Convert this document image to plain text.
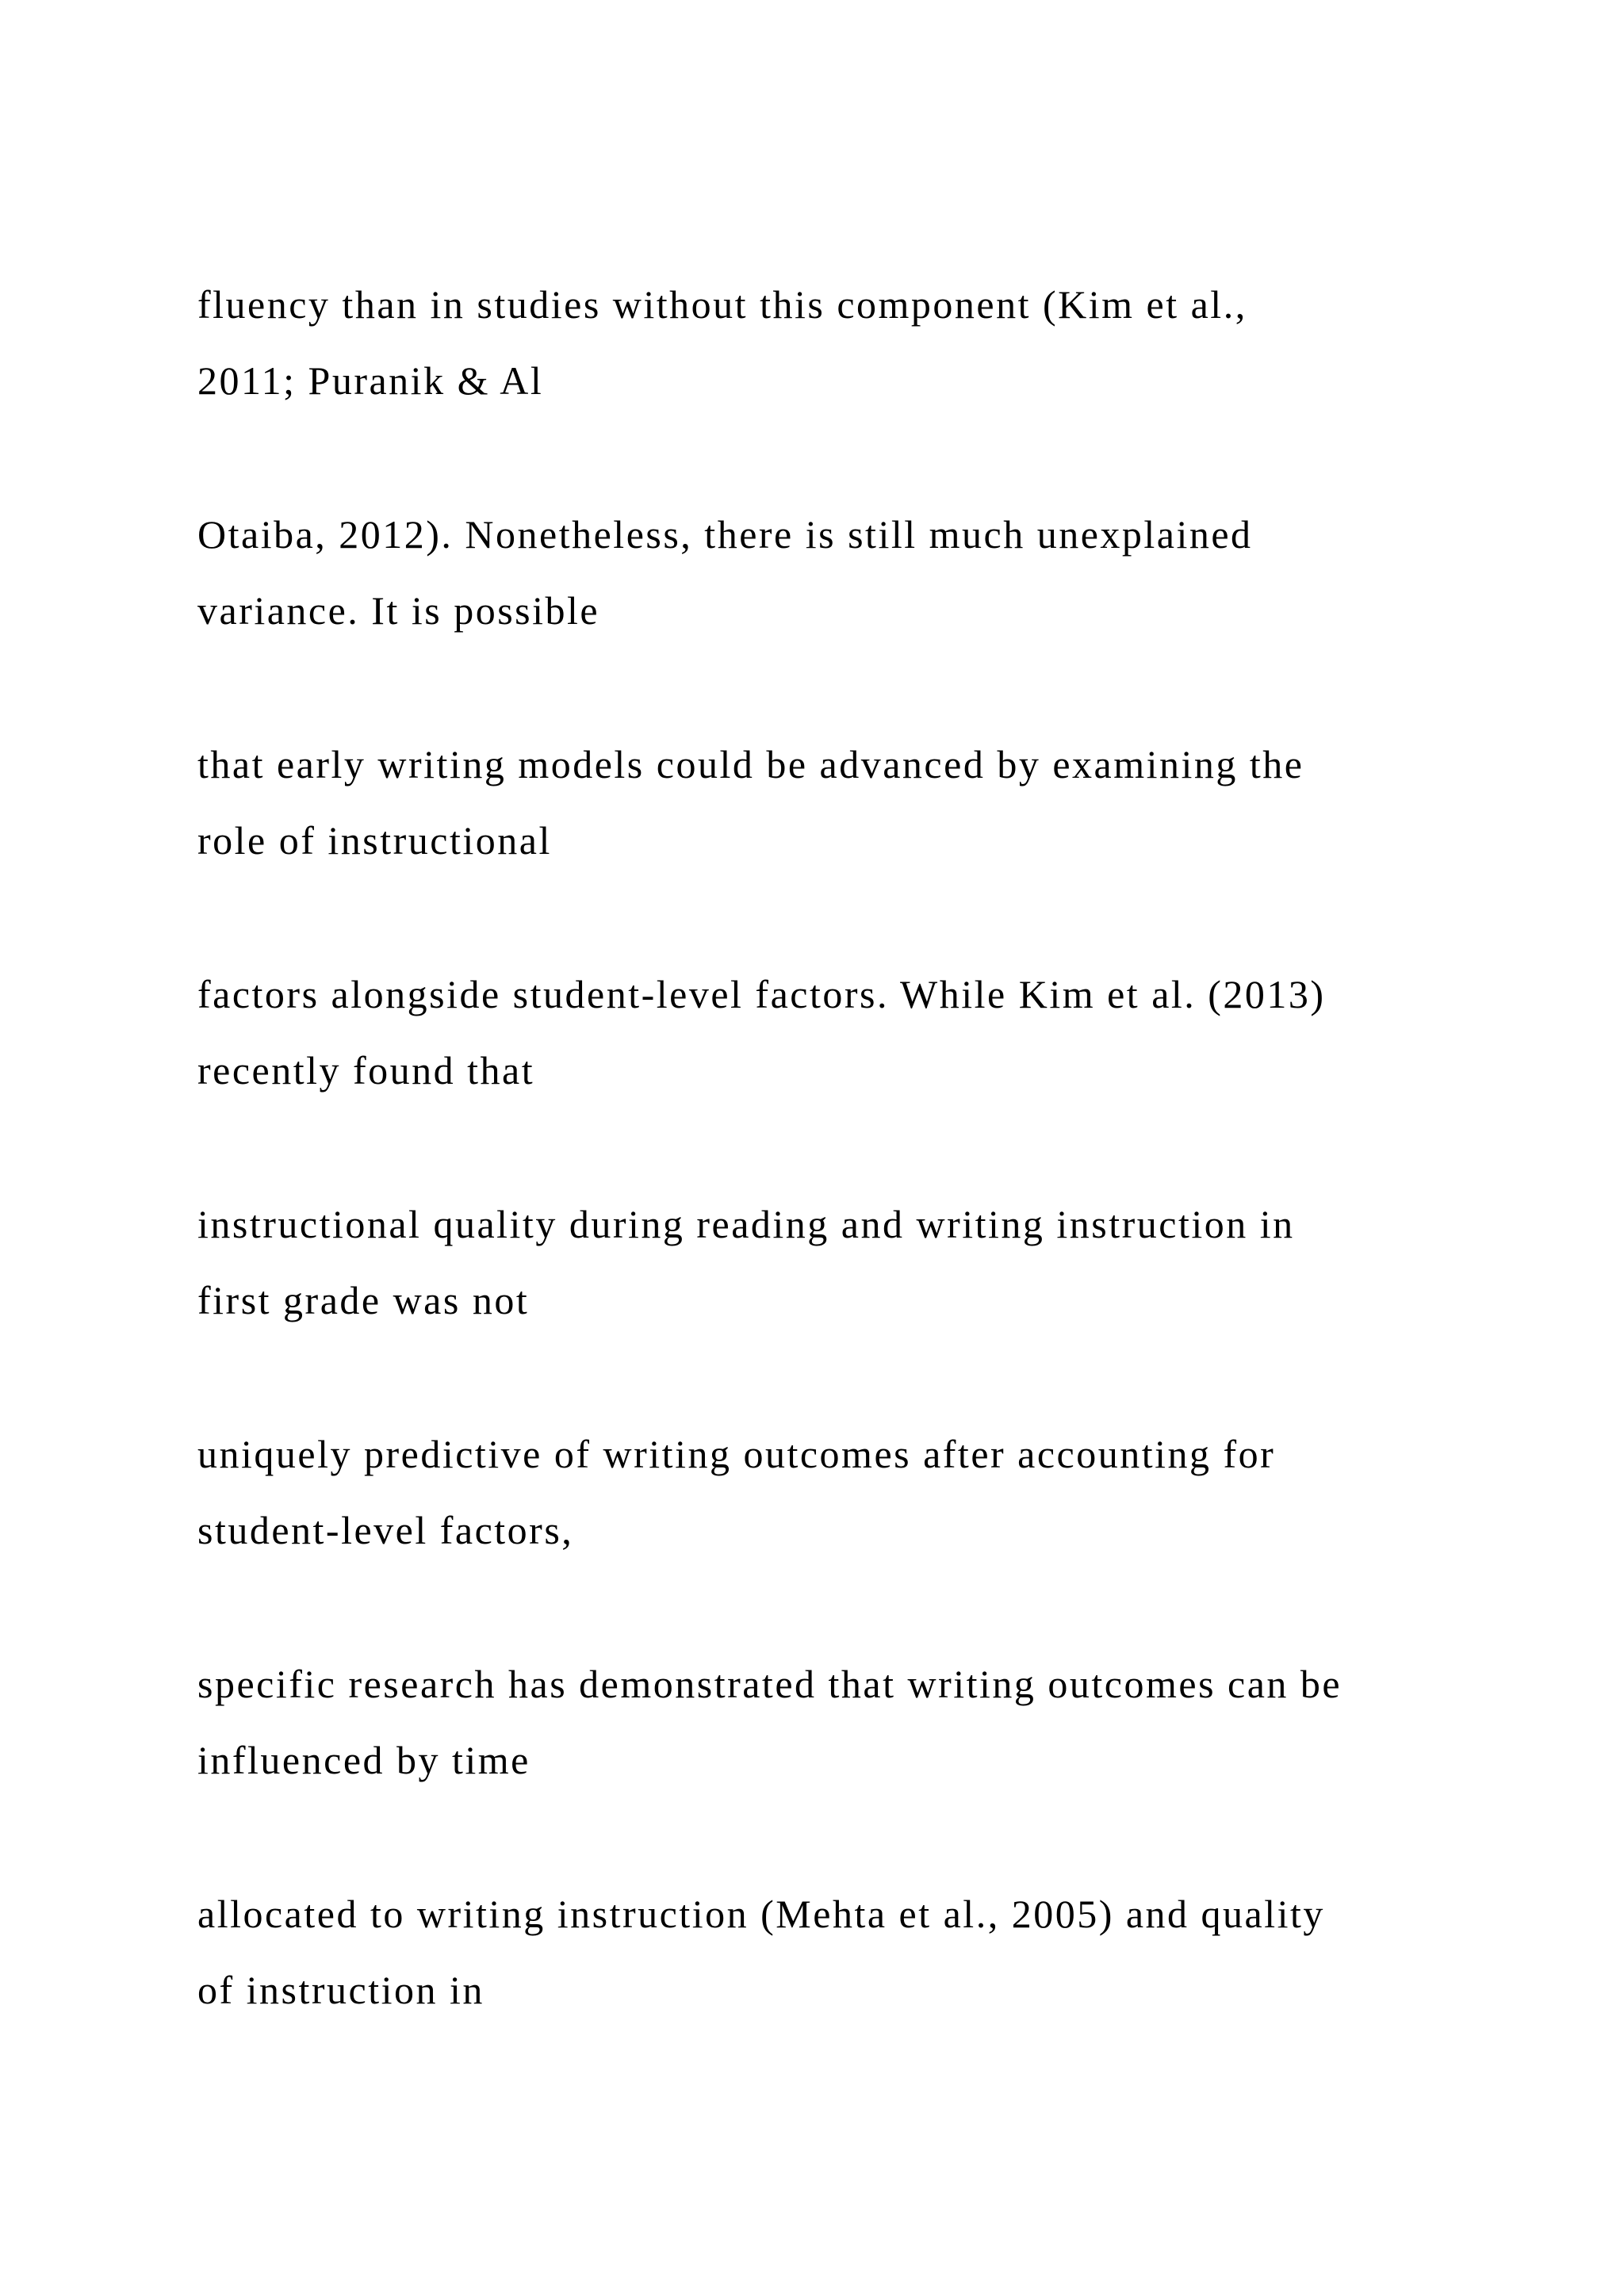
fluency than in studies without this component (Kim et al.,
2011; Puranik & Al
Otaiba, 2012). Nonetheless, there is still much unexplained
variance. It is possible
that early writing models could be advanced by examining the
role of instructional
factors alongside student-level factors. While Kim et al. (2013)
recently found that
instructional quality during reading and writing instruction in
first grade was not
uniquely predictive of writing outcomes after accounting for
student-level factors,
specific research has demonstrated that writing outcomes can be
influenced by time
allocated to writing instruction (Mehta et al., 2005) and quality
of instruction in
